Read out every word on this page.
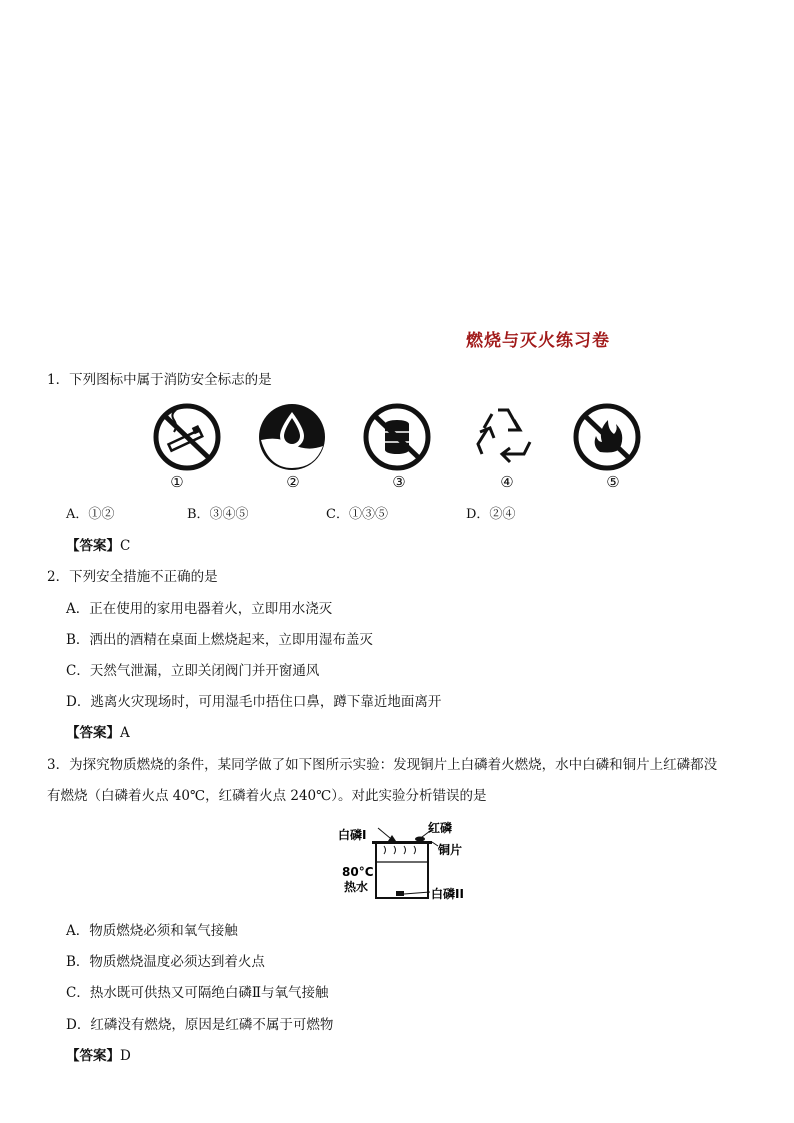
燃烧与灭火练习卷
1．下列图标中属于消防安全标志的是
①	②	③	④	⑤
A．①②	B．③④⑤	C．①③⑤	D．②④
【答案】C
2．下列安全措施不正确的是
A．正在使用的家用电器着火，立即用水浇灭
B．洒出的酒精在桌面上燃烧起来，立即用湿布盖灭
C．天然气泄漏，立即关闭阀门并开窗通风
D．逃离火灾现场时，可用湿毛巾捂住口鼻，蹲下靠近地面离开
【答案】A
3．为探究物质燃烧的条件，某同学做了如下图所示实验：发现铜片上白磷着火燃烧，水中白磷和铜片上红磷都没
有燃烧（白磷着火点 40℃，红磷着火点 240℃）。对此实验分析错误的是
白磷Ⅰ	红磷
铜片
80°C
热水	白磷II
A．物质燃烧必须和氧气接触
B．物质燃烧温度必须达到着火点
C．热水既可供热又可隔绝白磷Ⅱ与氧气接触
D．红磷没有燃烧，原因是红磷不属于可燃物
【答案】D
